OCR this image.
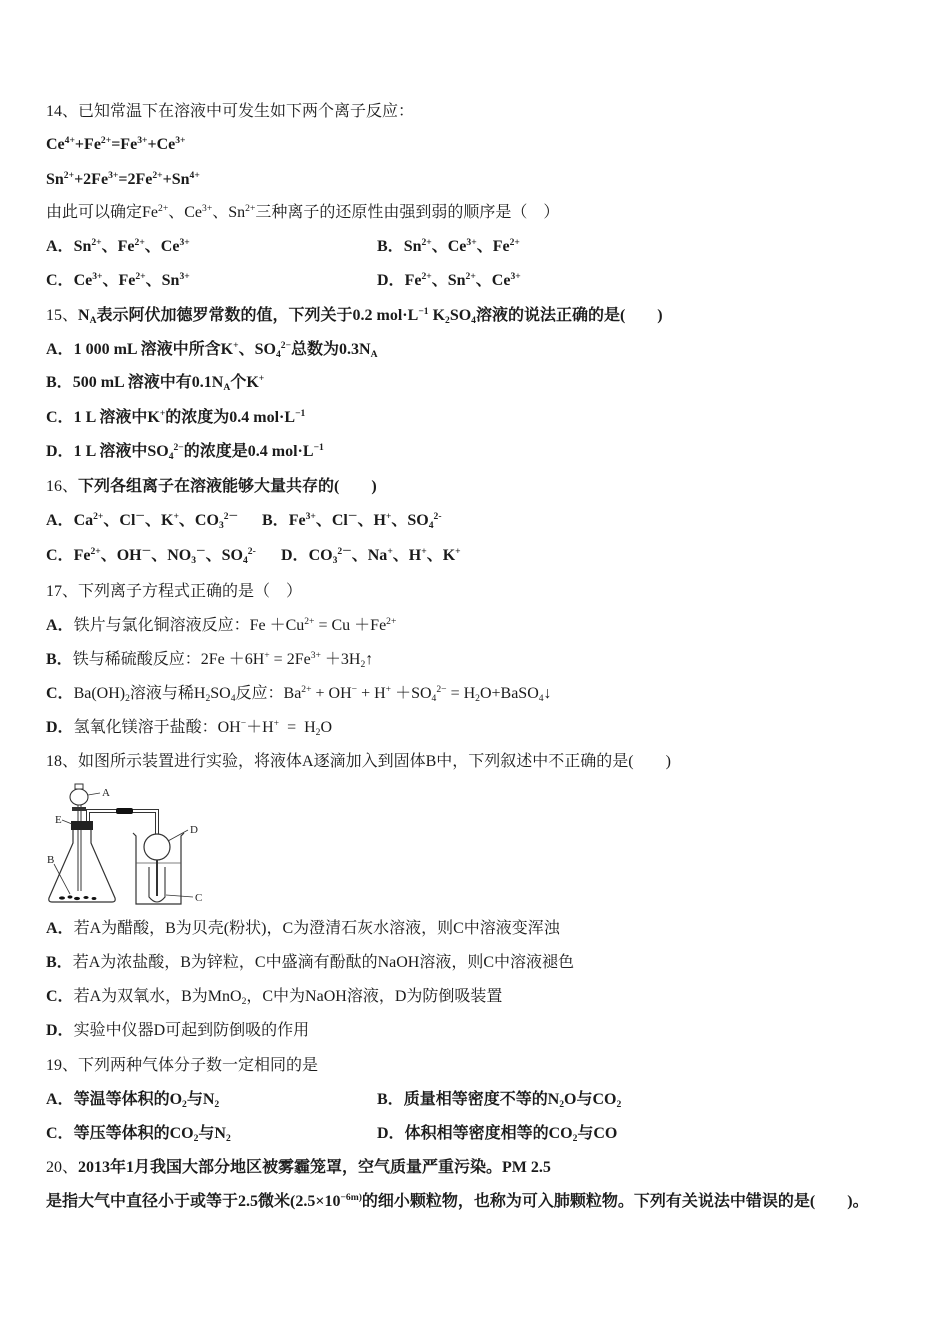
14、已知常温下在溶液中可发生如下两个离子反应：
$Ce^{4+}+Fe^{2+}=Fe^{3+}+Ce^{3+}$
$Sn^{2+}+2Fe^{3+}=2Fe^{2+}+Sn^{4+}$
由此可以确定$Fe^{2+}$、$Ce^{3+}$、$Sn^{2+}$三种离子的还原性由强到弱的顺序是（　）
A．$Sn^{2+}$、$Fe^{2+}$、$Ce^{3+}$	B．$Sn^{2+}$、$Ce^{3+}$、$Fe^{2+}$
C．$Ce^{3+}$、$Fe^{2+}$、$Sn^{3+}$	D．$Fe^{2+}$、$Sn^{2+}$、$Ce^{3+}$
15、$N_A$表示阿伏加德罗常数的值，下列关于0.2 $mol\cdot L^{-1}$ $K_2SO_4$溶液的说法正确的是(　　)
A．1 000 mL 溶液中所含K+、$SO_4^{2-}$总数为$0.3N_A$
B．500 mL 溶液中有$0.1N_A$个K+
C．1 L 溶液中K+的浓度为0.4 $mol\cdot L^{-1}$
D．1 L 溶液中$SO_4^{2-}$的浓度是0.4 $mol\cdot L^{-1}$
16、下列各组离子在溶液能够大量共存的(　　)
A．$Ca^{2+}$、Cl－、K+、$CO_3^{2-}$ B．$Fe^{3+}$、Cl－、H+、$SO_4^{2-}$
C．$Fe^{2+}$、OH－、$NO_3^-$、$SO_4^{2-}$ D．$CO_3^{2-}$、Na+、H+、K+
17、下列离子方程式正确的是（　）
A．铁片与氯化铜溶液反应：$Fe +Cu^{2+} = Cu +Fe^{2+}$
B．铁与稀硫酸反应：$2Fe +6H^+ = 2Fe^{3+}$ $+3H_2↑$
C．$Ba(OH)_2$溶液与稀$H_2SO_4$反应：$Ba^{2+} + OH^- + H^+ +SO_4^{2-}$ = $H_2O+BaSO_4↓$
D．氢氧化镁溶于盐酸：$OH^-+H^+ = H_2O$
18、如图所示装置进行实验，将液体A逐滴加入到固体B中，下列叙述中不正确的是(　　)
A
E
B
D
C
A．若A为醋酸，B为贝壳(粉状)，C为澄清石灰水溶液，则C中溶液变浑浊
B．若A为浓盐酸，B为锌粒，C中盛滴有酚酞的NaOH溶液，则C中溶液褪色
C．若A为双氧水，B为MnO$_2$，C中为NaOH溶液，D为防倒吸装置
D．实验中仪器D可起到防倒吸的作用
19、下列两种气体分子数一定相同的是
A．等温等体积的$O_2$与$N_2$	B．质量相等密度不等的$N_2O$与$CO_2$
C．等压等体积的$CO_2$与$N_2$	D．体积相等密度相等的$CO_2$与CO
20、2013年1月我国大部分地区被雾霾笼罩，空气质量严重污染。PM 2.5
是指大气中直径小于或等于2.5微米($2.5\times 10^{-6m)}$的细小颗粒物，也称为可入肺颗粒物。下列有关说法中错误的是(　　)。
